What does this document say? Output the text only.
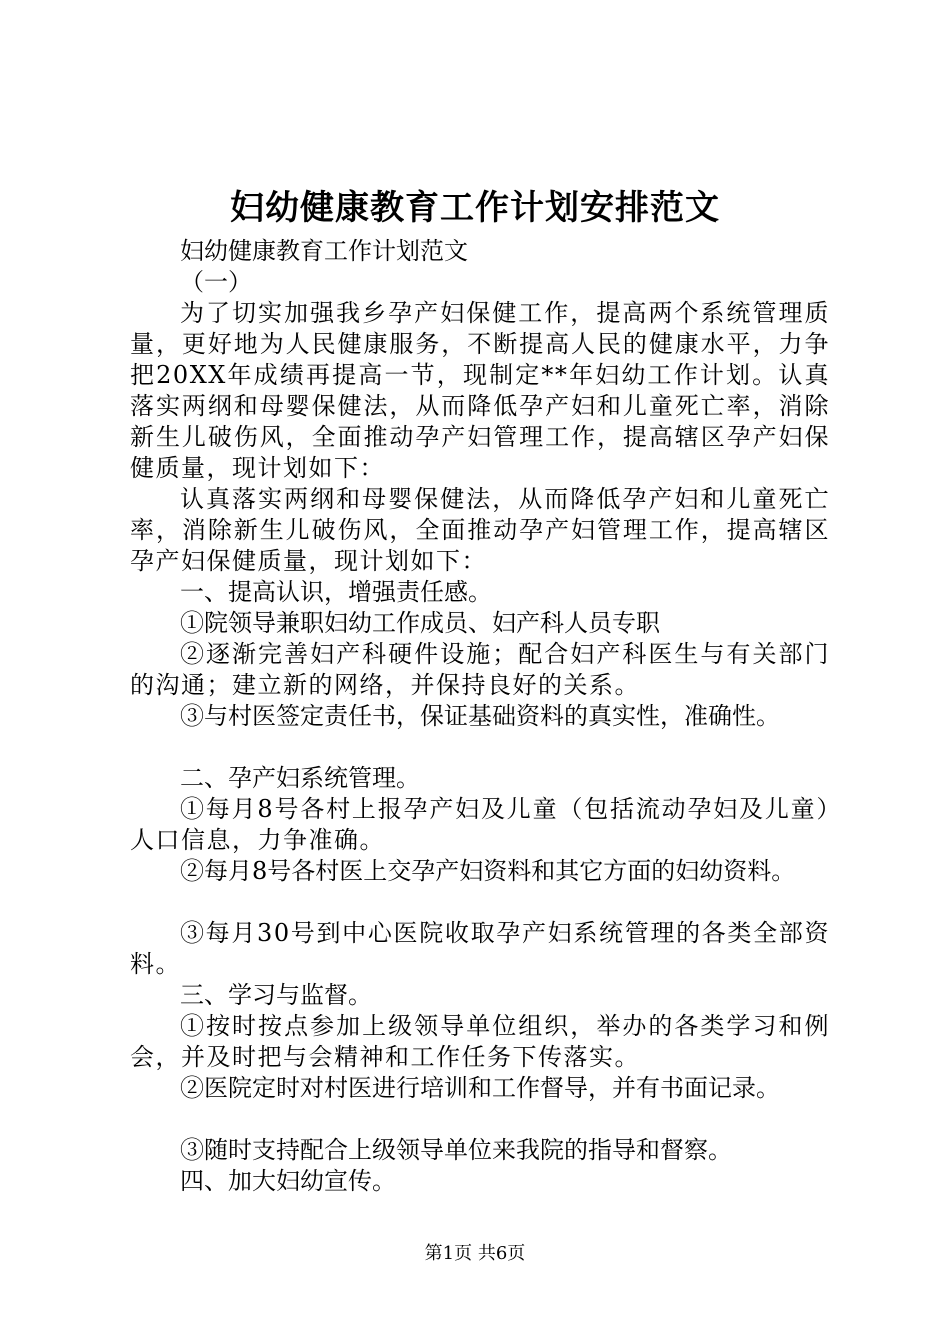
妇幼健康教育工作计划安排范文

妇幼健康教育工作计划范文

（一）

为了切实加强我乡孕产妇保健工作，提高两个系统管理质量，更好地为人民健康服务，不断提高人民的健康水平，力争把20XX年成绩再提高一节，现制定**年妇幼工作计划。认真落实两纲和母婴保健法，从而降低孕产妇和儿童死亡率，消除新生儿破伤风，全面推动孕产妇管理工作，提高辖区孕产妇保健质量，现计划如下：

认真落实两纲和母婴保健法，从而降低孕产妇和儿童死亡率，消除新生儿破伤风，全面推动孕产妇管理工作，提高辖区孕产妇保健质量，现计划如下：

一、提高认识，增强责任感。

①院领导兼职妇幼工作成员、妇产科人员专职

②逐渐完善妇产科硬件设施；配合妇产科医生与有关部门的沟通；建立新的网络，并保持良好的关系。

③与村医签定责任书，保证基础资料的真实性，准确性。

二、孕产妇系统管理。

①每月8号各村上报孕产妇及儿童（包括流动孕妇及儿童）人口信息，力争准确。

②每月8号各村医上交孕产妇资料和其它方面的妇幼资料。

③每月30号到中心医院收取孕产妇系统管理的各类全部资料。

三、学习与监督。

①按时按点参加上级领导单位组织，举办的各类学习和例会，并及时把与会精神和工作任务下传落实。

②医院定时对村医进行培训和工作督导，并有书面记录。

③随时支持配合上级领导单位来我院的指导和督察。

四、加大妇幼宣传。

第1页 共6页
